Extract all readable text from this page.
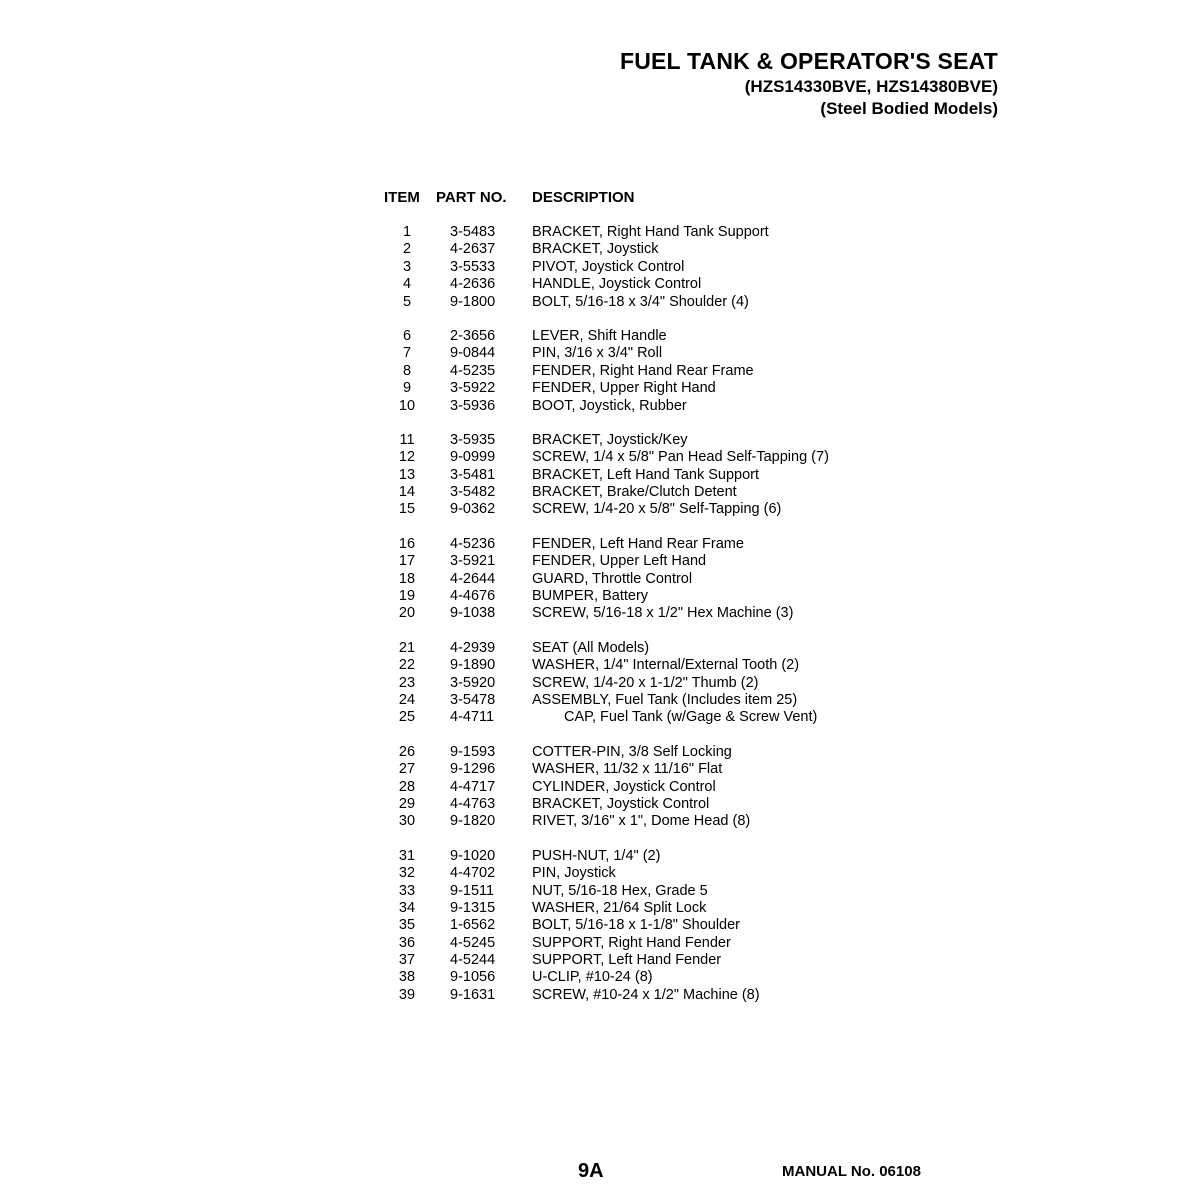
FUEL TANK & OPERATOR'S SEAT
(HZS14330BVE, HZS14380BVE)
(Steel Bodied Models)
ITEM	PART NO.	DESCRIPTION
1	3-5483	BRACKET, Right Hand Tank Support
2	4-2637	BRACKET, Joystick
3	3-5533	PIVOT, Joystick Control
4	4-2636	HANDLE, Joystick Control
5	9-1800	BOLT, 5/16-18 x 3/4" Shoulder (4)
6	2-3656	LEVER, Shift Handle
7	9-0844	PIN, 3/16 x 3/4" Roll
8	4-5235	FENDER, Right Hand Rear Frame
9	3-5922	FENDER, Upper Right Hand
10	3-5936	BOOT, Joystick, Rubber
11	3-5935	BRACKET, Joystick/Key
12	9-0999	SCREW, 1/4 x 5/8" Pan Head Self-Tapping (7)
13	3-5481	BRACKET, Left Hand Tank Support
14	3-5482	BRACKET, Brake/Clutch Detent
15	9-0362	SCREW, 1/4-20 x 5/8" Self-Tapping (6)
16	4-5236	FENDER, Left Hand Rear Frame
17	3-5921	FENDER, Upper Left Hand
18	4-2644	GUARD, Throttle Control
19	4-4676	BUMPER, Battery
20	9-1038	SCREW, 5/16-18 x 1/2" Hex Machine (3)
21	4-2939	SEAT (All Models)
22	9-1890	WASHER, 1/4" Internal/External Tooth (2)
23	3-5920	SCREW, 1/4-20 x 1-1/2" Thumb (2)
24	3-5478	ASSEMBLY, Fuel Tank (Includes item 25)
25	4-4711	CAP, Fuel Tank (w/Gage & Screw Vent)
26	9-1593	COTTER-PIN, 3/8 Self Locking
27	9-1296	WASHER, 11/32 x 11/16" Flat
28	4-4717	CYLINDER, Joystick Control
29	4-4763	BRACKET, Joystick Control
30	9-1820	RIVET, 3/16" x 1", Dome Head (8)
31	9-1020	PUSH-NUT, 1/4" (2)
32	4-4702	PIN, Joystick
33	9-1511	NUT, 5/16-18 Hex, Grade 5
34	9-1315	WASHER, 21/64 Split Lock
35	1-6562	BOLT, 5/16-18 x 1-1/8" Shoulder
36	4-5245	SUPPORT, Right Hand Fender
37	4-5244	SUPPORT, Left Hand Fender
38	9-1056	U-CLIP, #10-24 (8)
39	9-1631	SCREW, #10-24 x 1/2" Machine (8)
9A	MANUAL No. 06108
